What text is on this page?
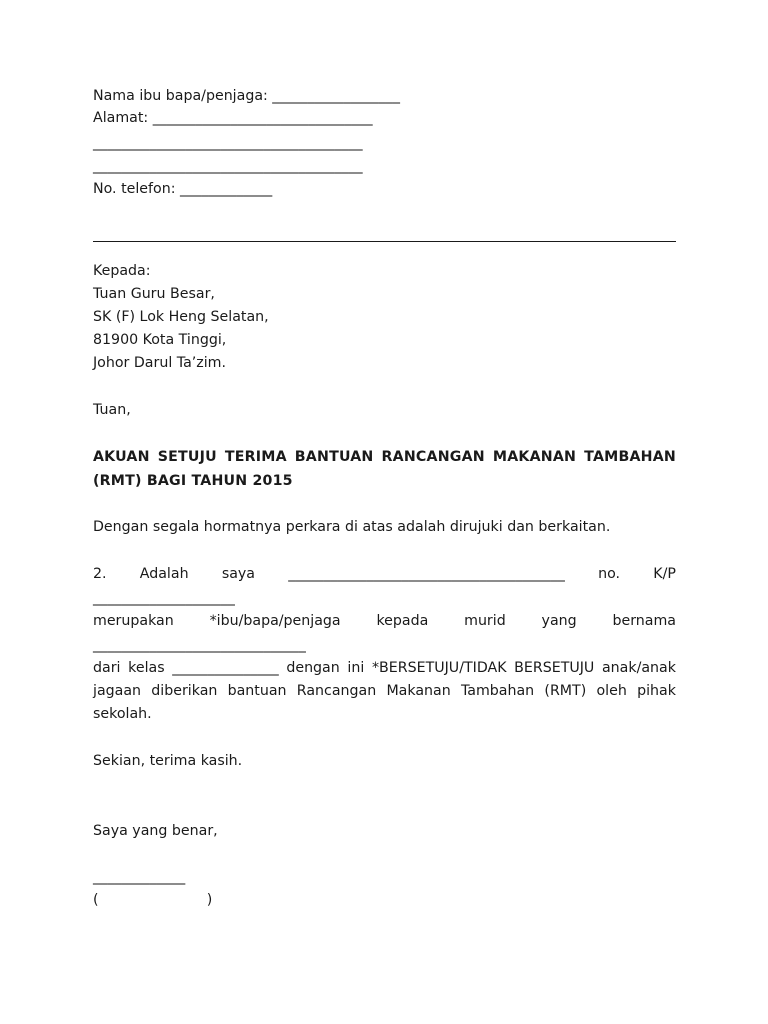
Nama ibu bapa/penjaga: __________________
Alamat: _______________________________
______________________________________
______________________________________
No. telefon: _____________
Kepada:
Tuan Guru Besar,
SK (F) Lok Heng Selatan,
81900 Kota Tinggi,
Johor Darul Ta’zim.
Tuan,
AKUAN SETUJU TERIMA BANTUAN RANCANGAN MAKANAN TAMBAHAN
(RMT) BAGI TAHUN 2015
Dengan segala hormatnya perkara di atas adalah dirujuki dan berkaitan.
2. Adalah saya _______________________________________ no. K/P
____________________
merupakan	*ibu/bapa/penjaga	kepada	murid	yang	bernama
______________________________
dari kelas _______________ dengan ini *BERSETUJU/TIDAK BERSETUJU anak/anak
jagaan diberikan bantuan Rancangan Makanan Tambahan (RMT) oleh pihak
sekolah.
Sekian, terima kasih.
Saya yang benar,
_____________
(                        )
